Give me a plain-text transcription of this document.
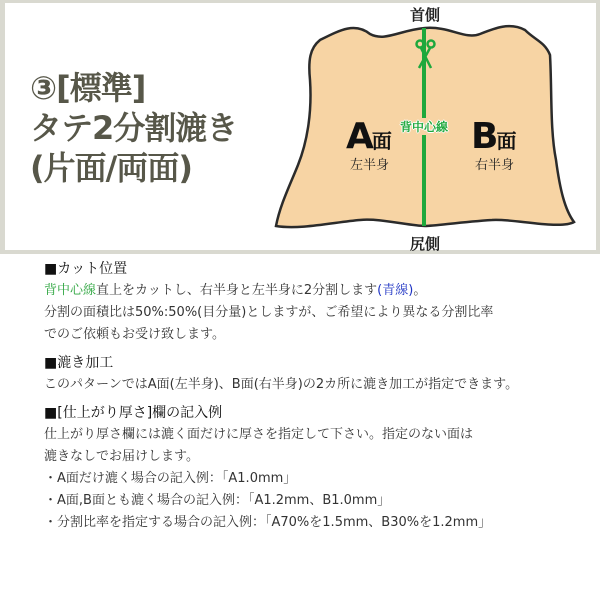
③[標準]
タテ2分割漉き
(片面/両面)
首側
尻側
背中心線
A面
左半身
B面
右半身
■カット位置
背中心線直上をカットし、右半身と左半身に2分割します(青線)。
分割の面積比は50%:50%(目分量)としますが、ご希望により異なる分割比率
でのご依頼もお受け致します。
■漉き加工
このパターンではA面(左半身)、B面(右半身)の2カ所に漉き加工が指定できます。
■[仕上がり厚さ]欄の記入例
仕上がり厚さ欄には漉く面だけに厚さを指定して下さい。指定のない面は
漉きなしでお届けします。
・A面だけ漉く場合の記入例：「A1.0mm」
・A面,B面とも漉く場合の記入例：「A1.2mm、B1.0mm」
・分割比率を指定する場合の記入例：「A70%を1.5mm、B30%を1.2mm」
